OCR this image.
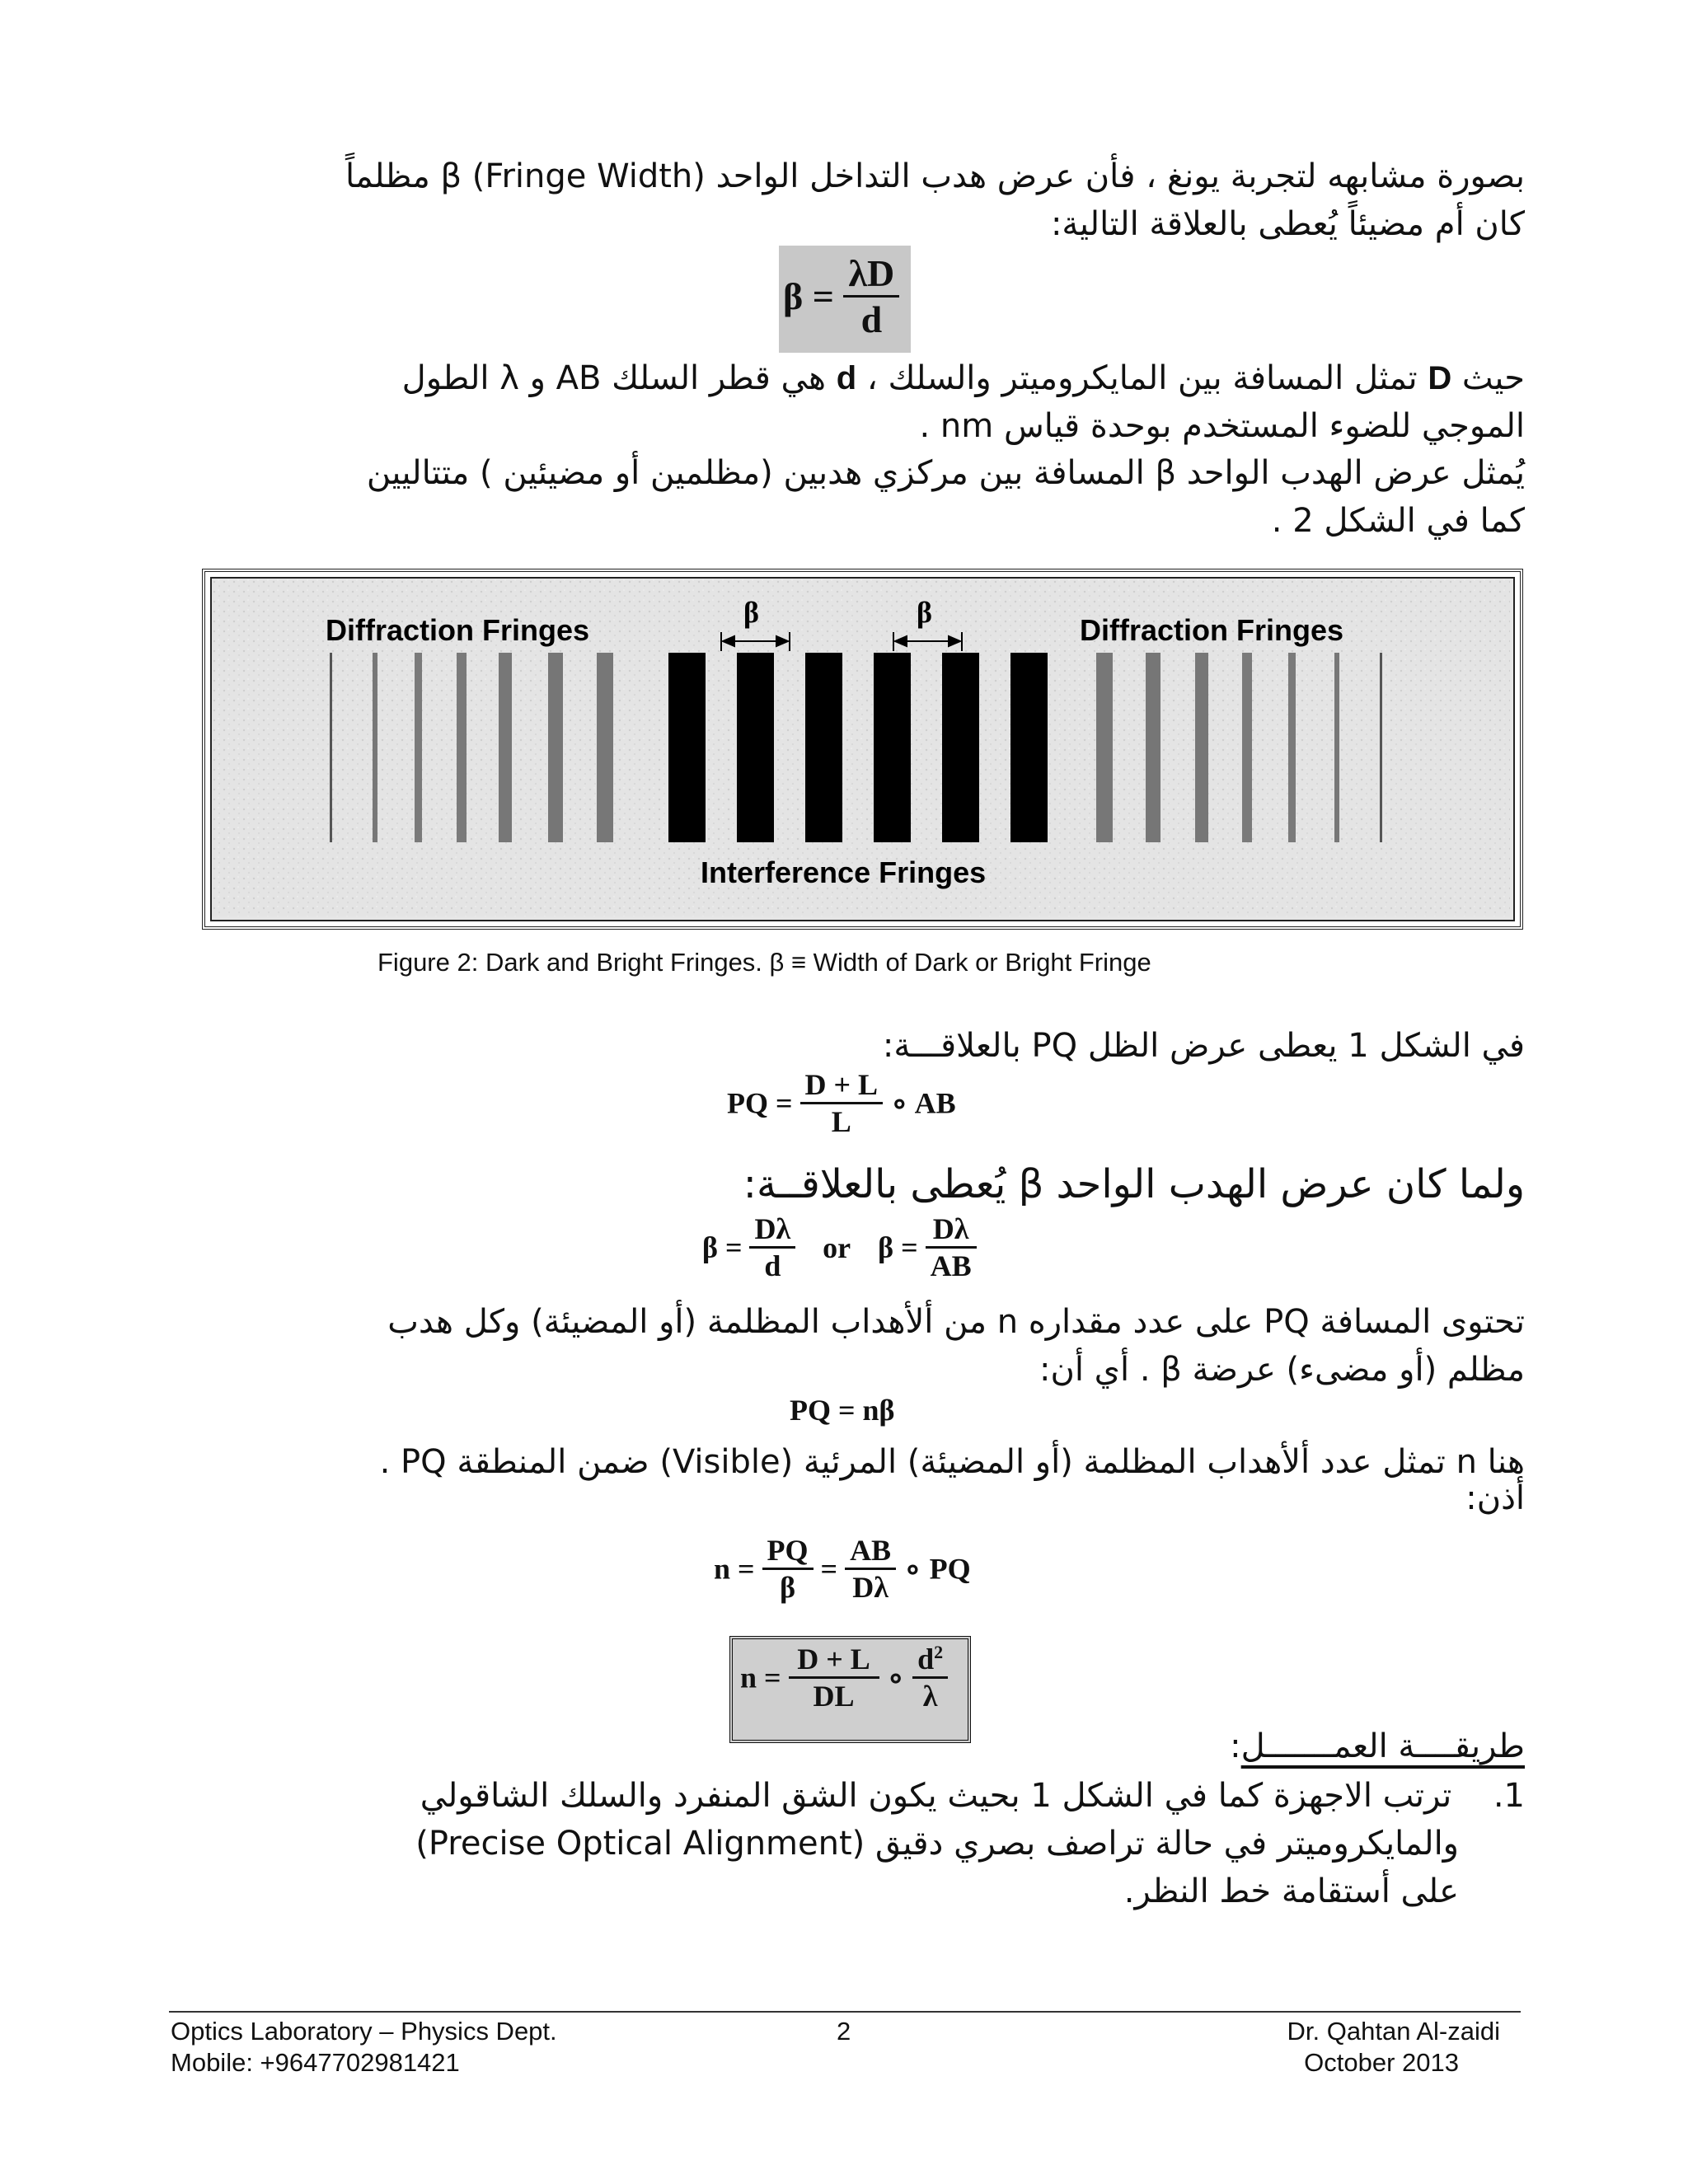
بصورة مشابهه لتجربة يونغ ، فأن عرض هدب التداخل الواحد β (Fringe Width) مظلماً
كان أم مضيئاً يُعطى بالعلاقة التالية:
$\beta = \frac{\lambda D}{d}$
حيث D تمثل المسافة بين المايكروميتر والسلك ، d هي قطر السلك AB و λ الطول
الموجي للضوء المستخدم بوحدة قياس nm .
يُمثل عرض الهدب الواحد β المسافة بين مركزي هدبين (مظلمين أو مضيئين ) متتاليين
كما في الشكل 2 .
Diffraction Fringes	Diffraction Fringes
Interference Fringes
β	β
Figure 2: Dark and Bright Fringes. β ≡ Width of Dark or Bright Fringe
في الشكل 1 يعطى عرض الظل PQ بالعلاقـــة:
PQ = $\frac{D + L}{L}$ ∘ AB
ولما كان عرض الهدب الواحد β يُعطى بالعلاقــة:
$\beta = \frac{D\lambda}{d}$ or $\beta = \frac{D\lambda}{AB}$
تحتوى المسافة PQ على عدد مقداره n من ألأهداب المظلمة (أو المضيئة) وكل هدب
مظلم (أو مضىء) عرضة β . أي أن:
PQ = nβ
هنا n تمثل عدد ألأهداب المظلمة (أو المضيئة) المرئية (Visible) ضمن المنطقة PQ .
أذن:
$n = \frac{PQ}{\beta} = \frac{AB}{D\lambda}$ ∘ PQ
$n = \frac{D + L}{DL}$ ∘ $\frac{d^2}{\lambda}$
طريقــــة العمـــــــل:
.1 ترتب الاجهزة كما في الشكل 1 بحيث يكون الشق المنفرد والسلك الشاقولي
والمايكروميتر في حالة تراصف بصري دقيق (Precise Optical Alignment)
على أستقامة خط النظر.
Optics Laboratory – Physics Dept.
Mobile: +9647702981421
2	Dr. Qahtan Al-zaidi
October 2013
